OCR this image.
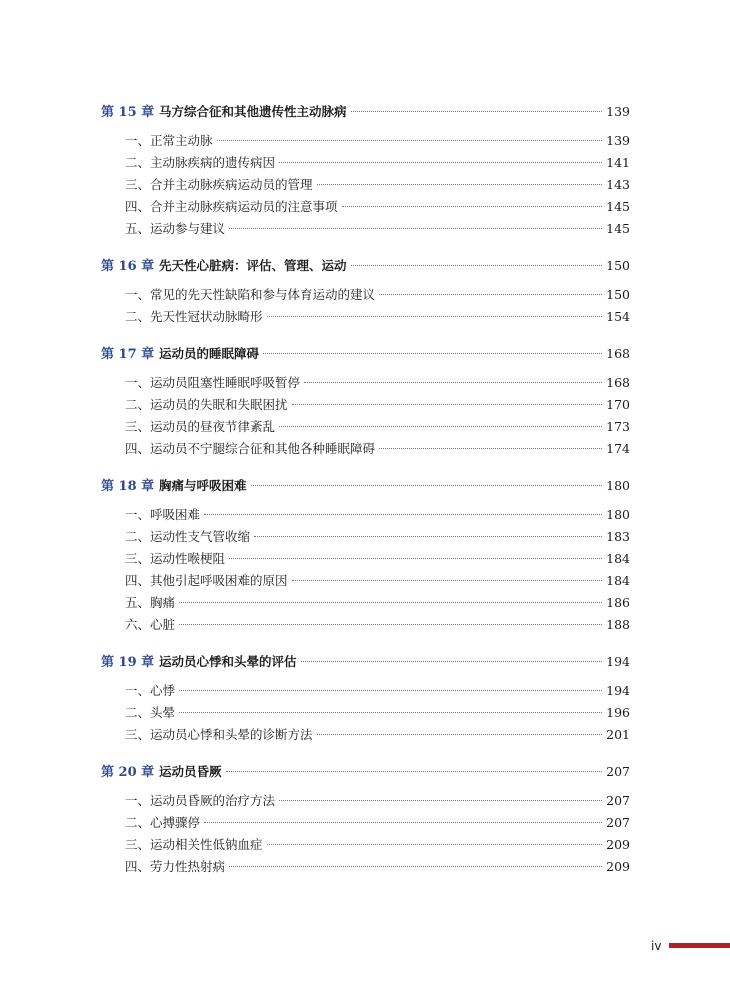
第 15 章 马方综合征和其他遗传性主动脉病	139
一、正常主动脉	139
二、主动脉疾病的遗传病因	141
三、合并主动脉疾病运动员的管理	143
四、合并主动脉疾病运动员的注意事项	145
五、运动参与建议	145
第 16 章 先天性心脏病：评估、管理、运动	150
一、常见的先天性缺陷和参与体育运动的建议	150
二、先天性冠状动脉畸形	154
第 17 章 运动员的睡眠障碍	168
一、运动员阻塞性睡眠呼吸暂停	168
二、运动员的失眠和失眠困扰	170
三、运动员的昼夜节律紊乱	173
四、运动员不宁腿综合征和其他各种睡眠障碍	174
第 18 章 胸痛与呼吸困难	180
一、呼吸困难	180
二、运动性支气管收缩	183
三、运动性喉梗阻	184
四、其他引起呼吸困难的原因	184
五、胸痛	186
六、心脏	188
第 19 章 运动员心悸和头晕的评估	194
一、心悸	194
二、头晕	196
三、运动员心悸和头晕的诊断方法	201
第 20 章 运动员昏厥	207
一、运动员昏厥的治疗方法	207
二、心搏骤停	207
三、运动相关性低钠血症	209
四、劳力性热射病	209
iv
